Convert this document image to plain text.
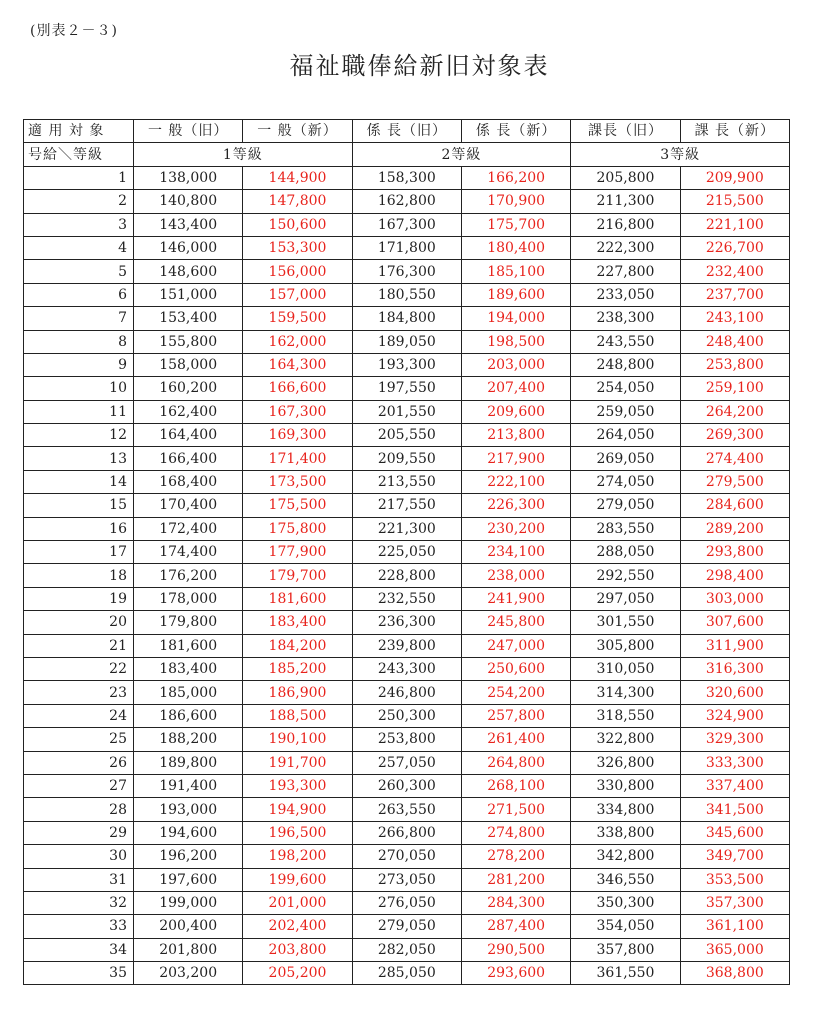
(別表２－３)
福祉職俸給新旧対象表
適 用 対 象	一 般（旧）	一 般（新）	係 長（旧）	係 長（新）	課長（旧）	課 長（新）
号給＼等級	1等級		2等級		3等級	
1	138,000	144,900	158,300	166,200	205,800	209,900
2	140,800	147,800	162,800	170,900	211,300	215,500
3	143,400	150,600	167,300	175,700	216,800	221,100
4	146,000	153,300	171,800	180,400	222,300	226,700
5	148,600	156,000	176,300	185,100	227,800	232,400
6	151,000	157,000	180,550	189,600	233,050	237,700
7	153,400	159,500	184,800	194,000	238,300	243,100
8	155,800	162,000	189,050	198,500	243,550	248,400
9	158,000	164,300	193,300	203,000	248,800	253,800
10	160,200	166,600	197,550	207,400	254,050	259,100
11	162,400	167,300	201,550	209,600	259,050	264,200
12	164,400	169,300	205,550	213,800	264,050	269,300
13	166,400	171,400	209,550	217,900	269,050	274,400
14	168,400	173,500	213,550	222,100	274,050	279,500
15	170,400	175,500	217,550	226,300	279,050	284,600
16	172,400	175,800	221,300	230,200	283,550	289,200
17	174,400	177,900	225,050	234,100	288,050	293,800
18	176,200	179,700	228,800	238,000	292,550	298,400
19	178,000	181,600	232,550	241,900	297,050	303,000
20	179,800	183,400	236,300	245,800	301,550	307,600
21	181,600	184,200	239,800	247,000	305,800	311,900
22	183,400	185,200	243,300	250,600	310,050	316,300
23	185,000	186,900	246,800	254,200	314,300	320,600
24	186,600	188,500	250,300	257,800	318,550	324,900
25	188,200	190,100	253,800	261,400	322,800	329,300
26	189,800	191,700	257,050	264,800	326,800	333,300
27	191,400	193,300	260,300	268,100	330,800	337,400
28	193,000	194,900	263,550	271,500	334,800	341,500
29	194,600	196,500	266,800	274,800	338,800	345,600
30	196,200	198,200	270,050	278,200	342,800	349,700
31	197,600	199,600	273,050	281,200	346,550	353,500
32	199,000	201,000	276,050	284,300	350,300	357,300
33	200,400	202,400	279,050	287,400	354,050	361,100
34	201,800	203,800	282,050	290,500	357,800	365,000
35	203,200	205,200	285,050	293,600	361,550	368,800
